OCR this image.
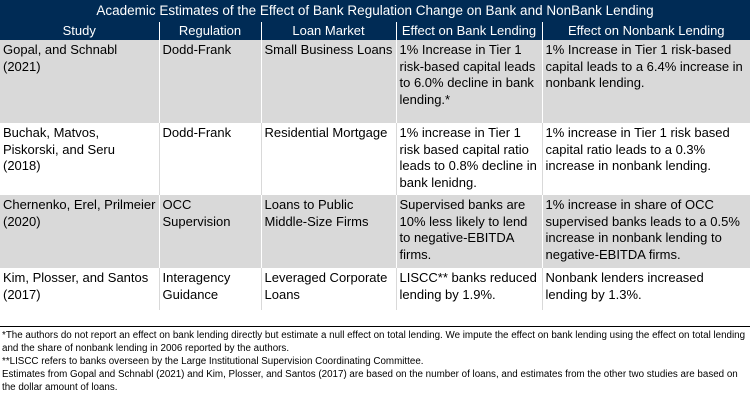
Academic Estimates of the Effect of Bank Regulation Change on Bank and NonBank Lending
Study	Regulation	Loan Market	Effect on Bank Lending	Effect on Nonbank Lending
Gopal, and Schnabl (2021)	Dodd-Frank	Small Business Loans	1% Increase in Tier 1 risk-based capital leads to 6.0% decline in bank lending.*	1% Increase in Tier 1 risk-based capital leads to a 6.4% increase in nonbank lending.
Buchak, Matvos, Piskorski, and Seru (2018)	Dodd-Frank	Residential Mortgage	1% increase in Tier 1 risk based capital ratio leads to 0.8% decline in bank lenidng.	1% increase in Tier 1 risk based capital ratio leads to a 0.3% increase in nonbank lending.
Chernenko, Erel, Prilmeier (2020)	OCC Supervision	Loans to Public Middle-Size Firms	Supervised banks are 10% less likely to lend to negative-EBITDA firms.	1% increase in share of OCC supervised banks leads to a 0.5% increase in nonbank lending to negative-EBITDA firms.
Kim, Plosser, and Santos (2017)	Interagency Guidance	Leveraged Corporate Loans	LISCC** banks reduced lending by 1.9%.	Nonbank lenders increased lending by 1.3%.

*The authors do not report an effect on bank lending directly but estimate a null effect on total lending. We impute the effect on bank lending using the effect on total lending and the share of nonbank lending in 2006 reported by the authors.

**LISCC refers to banks overseen by the Large Institutional Supervision Coordinating Committee.

Estimates from Gopal and Schnabl (2021) and Kim, Plosser, and Santos (2017) are based on the number of loans, and estimates from the other two studies are based on the dollar amount of loans.
